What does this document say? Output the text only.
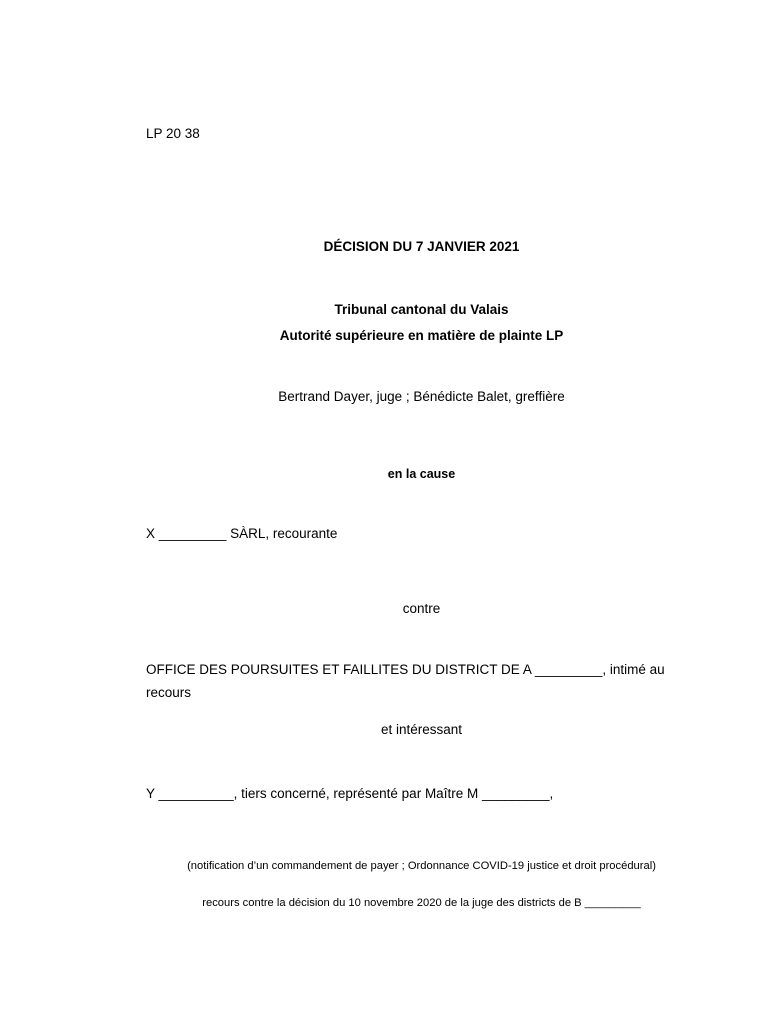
LP 20 38
DÉCISION DU 7 JANVIER 2021
Tribunal cantonal du Valais
Autorité supérieure en matière de plainte LP
Bertrand Dayer, juge ; Bénédicte Balet, greffière
en la cause
X _________ SÀRL, recourante
contre
OFFICE DES POURSUITES ET FAILLITES DU DISTRICT DE A _________, intimé au
recours
et intéressant
Y __________, tiers concerné, représenté par Maître M _________,
(notification d’un commandement de payer ; Ordonnance COVID-19 justice et droit procédural)
recours contre la décision du 10 novembre 2020 de la juge des districts de B _________
